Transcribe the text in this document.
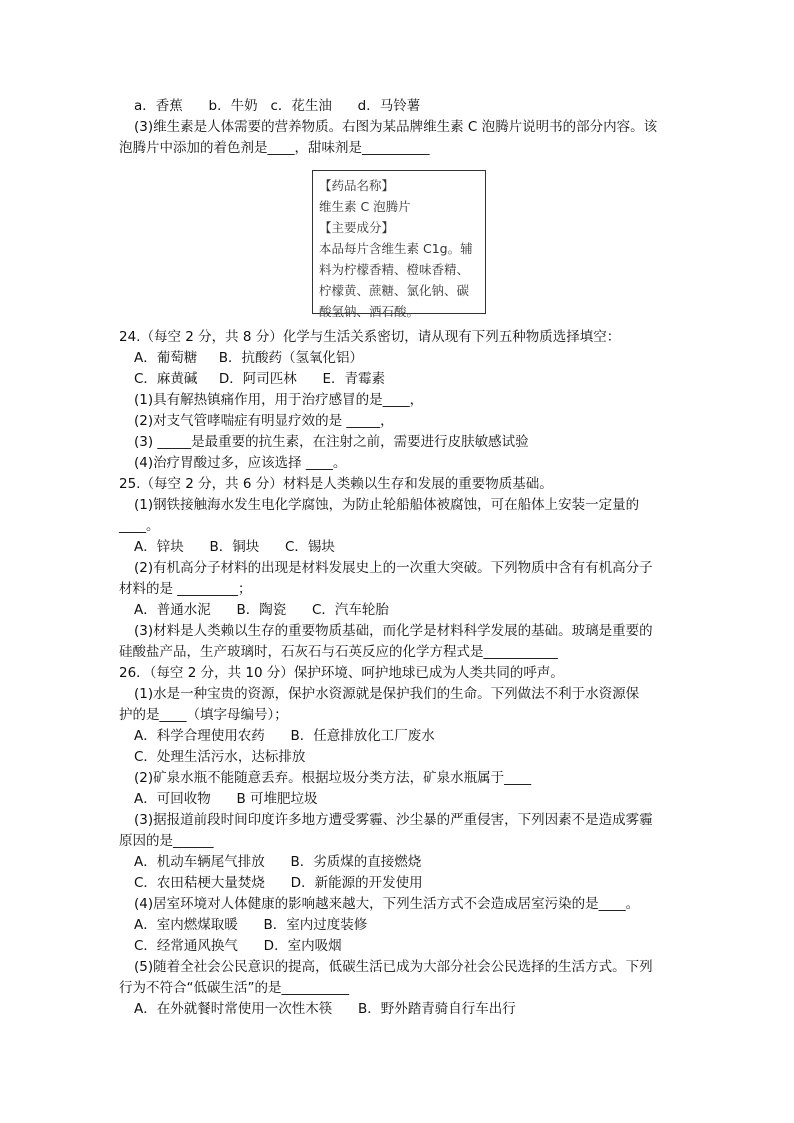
a．香蕉      b．牛奶   c．花生油      d．马铃薯
(3)维生素是人体需要的营养物质。右图为某品牌维生素 C 泡腾片说明书的部分内容。该
泡腾片中添加的着色剂是____，甜味剂是__________
【药品名称】
维生素 C 泡腾片
【主要成分】
本品每片含维生素 C1g。辅
料为柠檬香精、橙味香精、
柠檬黄、蔗糖、氯化钠、碳
酸氢钠、酒石酸。
24.（每空 2 分，共 8 分）化学与生活关系密切，请从现有下列五种物质选择填空：
A．葡萄糖     B．抗酸药（氢氧化铝）
C．麻黄碱     D．阿司匹林      E．青霉素
(1)具有解热镇痛作用，用于治疗感冒的是____，
(2)对支气管哮喘症有明显疗效的是 _____，
(3) _____是最重要的抗生素，在注射之前，需要进行皮肤敏感试验
(4)治疗胃酸过多，应该选择 ____。
25.（每空 2 分，共 6 分）材料是人类赖以生存和发展的重要物质基础。
(1)钢铁接触海水发生电化学腐蚀，为防止轮船船体被腐蚀，可在船体上安装一定量的
____。
A．锌块      B．铜块      C．锡块
(2)有机高分子材料的出现是材料发展史上的一次重大突破。下列物质中含有有机高分子
材料的是 _________；
A．普通水泥      B．陶瓷      C．汽车轮胎
(3)材料是人类赖以生存的重要物质基础，而化学是材料科学发展的基础。玻璃是重要的
硅酸盐产品，生产玻璃时，石灰石与石英反应的化学方程式是___________
26．（每空 2 分，共 10 分）保护环境、呵护地球已成为人类共同的呼声。
(1)水是一种宝贵的资源，保护水资源就是保护我们的生命。下列做法不利于水资源保
护的是____（填字母编号）；
A．科学合理使用农药      B．任意排放化工厂废水
C．处理生活污水，达标排放
(2)矿泉水瓶不能随意丢弃。根据垃圾分类方法，矿泉水瓶属于____
A．可回收物      B 可堆肥垃圾
(3)据报道前段时间印度许多地方遭受雾霾、沙尘暴的严重侵害，下列因素不是造成雾霾
原因的是______
A．机动车辆尾气排放      B．劣质煤的直接燃烧
C．农田秸梗大量焚烧      D．新能源的开发使用
(4)居室环境对人体健康的影响越来越大，下列生活方式不会造成居室污染的是____。
A．室内燃煤取暖      B．室内过度装修
C．经常通风换气      D．室内吸烟
(5)随着全社会公民意识的提高，低碳生活已成为大部分社会公民选择的生活方式。下列
行为不符合“低碳生活”的是__________
A．在外就餐时常使用一次性木筷      B．野外踏青骑自行车出行
